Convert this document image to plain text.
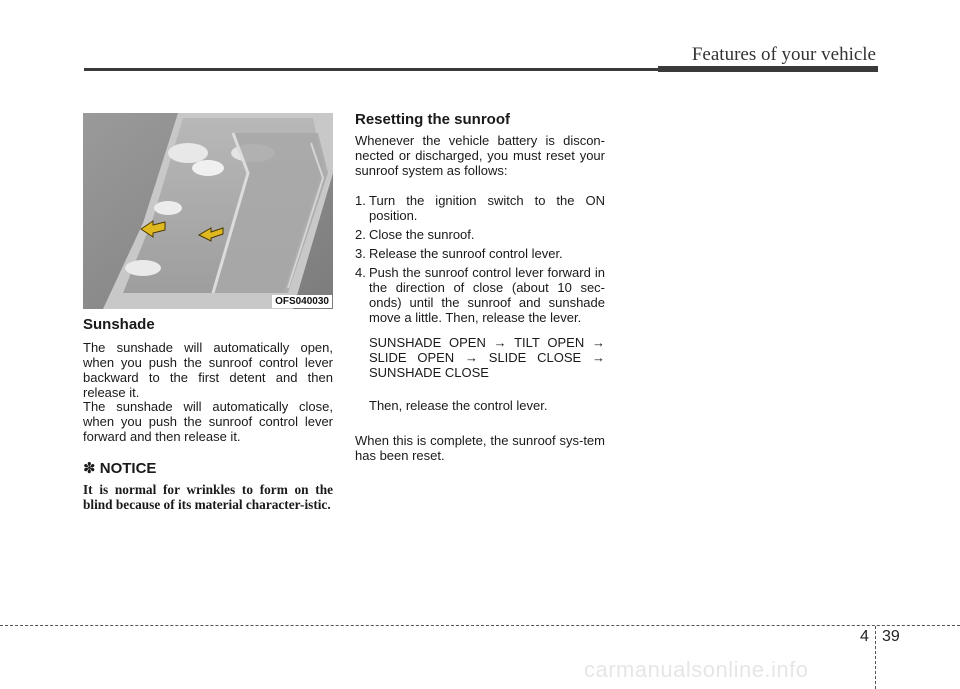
Features of your vehicle
OFS040030
Sunshade

The sunshade will automatically open, when you push the sunroof control lever backward to the first detent and then release it.

The sunshade will automatically close, when you push the sunroof control lever forward and then release it.

✽ NOTICE

It is normal for wrinkles to form on the blind because of its material character-istic.

Resetting the sunroof

Whenever the vehicle battery is discon-nected or discharged, you must reset your sunroof system as follows:

1. Turn the ignition switch to the ON position.
2. Close the sunroof.
3. Release the sunroof control lever.
4. Push the sunroof control lever forward in the direction of close (about 10 sec-onds) until the sunroof and sunshade move a little. Then, release the lever.

SUNSHADE OPEN → TILT OPEN → SLIDE OPEN → SLIDE CLOSE → SUNSHADE CLOSE

Then, release the control lever.

When this is complete, the sunroof sys-tem has been reset.

4 39
carmanualsonline.info
